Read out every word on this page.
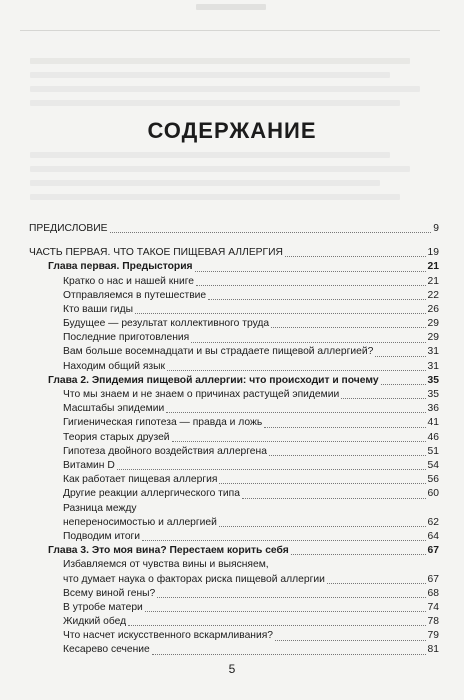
СОДЕРЖАНИЕ
ПРЕДИСЛОВИЕ	9
ЧАСТЬ ПЕРВАЯ. ЧТО ТАКОЕ ПИЩЕВАЯ АЛЛЕРГИЯ	19
Глава первая. Предыстория	21
Кратко о нас и нашей книге	21
Отправляемся в путешествие	22
Кто ваши гиды	26
Будущее — результат коллективного труда	29
Последние приготовления	29
Вам больше восемнадцати и вы страдаете пищевой аллергией?	31
Находим общий язык	31
Глава 2. Эпидемия пищевой аллергии: что происходит и почему	35
Что мы знаем и не знаем о причинах растущей эпидемии	35
Масштабы эпидемии	36
Гигиеническая гипотеза — правда и ложь	41
Теория старых друзей	46
Гипотеза двойного воздействия аллергена	51
Витамин D	54
Как работает пищевая аллергия	56
Другие реакции аллергического типа	60
Разница между
непереносимостью и аллергией	62
Подводим итоги	64
Глава 3. Это моя вина? Перестаем корить себя	67
Избавляемся от чувства вины и выясняем,
что думает наука о факторах риска пищевой аллергии	67
Всему виной гены?	68
В утробе матери	74
Жидкий обед	78
Что насчет искусственного вскармливания?	79
Кесарево сечение	81
5
